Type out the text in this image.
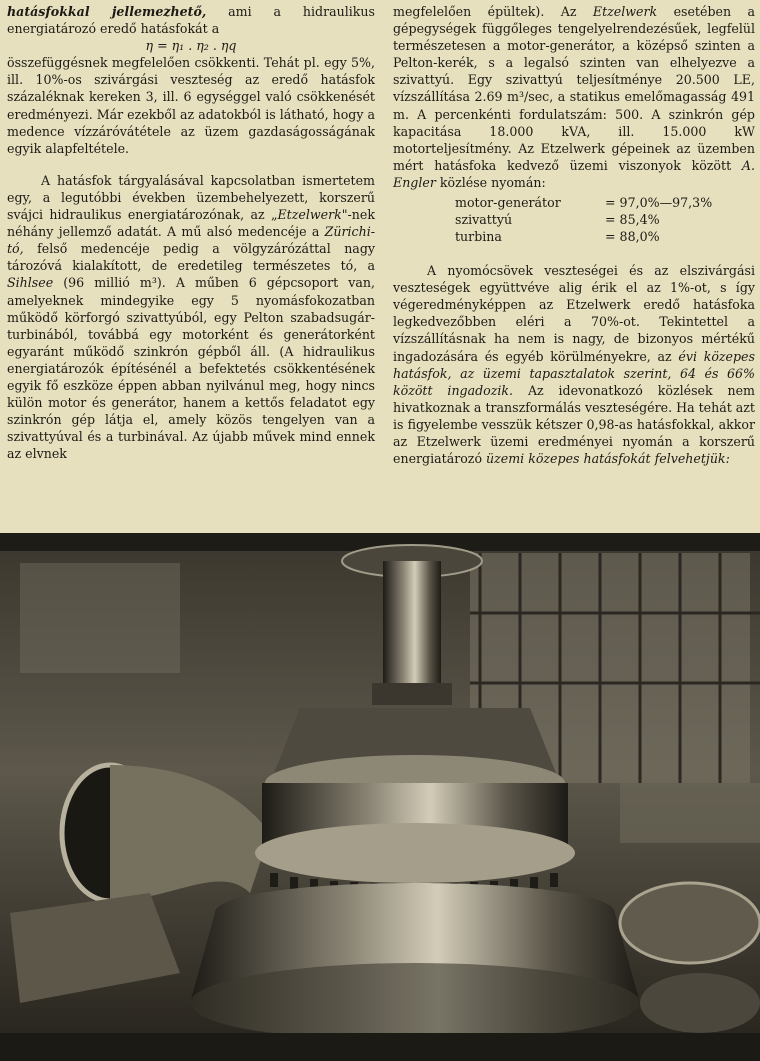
hatásfokkal jellemezhető, ami a hidraulikus energiatározó eredő hatásfokát a

η = η₁ . η₂ . ηq

összefüggésnek megfelelően csökkenti. Tehát pl. egy 5%, ill. 10%-os szivárgási veszteség az eredő hatásfok százaléknak kereken 3, ill. 6 egységgel való csökkenését eredményezi. Már ezekből az adatokból is látható, hogy a medence vízzáróvátétele az üzem gazdaságosságának egyik alapfeltétele.

A hatásfok tárgyalásával kapcsolatban ismertetem egy, a legutóbbi években üzembehelyezett, korszerű svájci hidraulikus energiatározónak, az „Etzelwerk"-nek néhány jellemző adatát. A mű alsó medencéje a Zürichi-tó, felső medencéje pedig a völgyzárózáttal nagy tározóvá kialakított, de eredetileg természetes tó, a Sihlsee (96 millió m³). A műben 6 gépcsoport van, amelyeknek mindegyike egy 5 nyomásfokozatban működő körforgó szivattyúból, egy Pelton szabadsugár-turbinából, továbbá egy motorként és generátorként egyaránt működő szinkrón gépből áll. (A hidraulikus energiatározók építésénél a befektetés csökkentésének egyik fő eszköze éppen abban nyilvánul meg, hogy nincs külön motor és generátor, hanem a kettős feladatot egy szinkrón gép látja el, amely közös tengelyen van a szivattyúval és a turbinával. Az újabb művek mind ennek az elvnek

megfelelően épültek). Az Etzelwerk esetében a gépegységek függőleges tengelyelrendezésűek, legfelül természetesen a motor-generátor, a középső szinten a Pelton-kerék, s a legalsó szinten van elhelyezve a szivattyú. Egy szivattyú teljesítménye 20.500 LE, vízszállítása 2.69 m³/sec, a statikus emelőmagasság 491 m. A percenkénti fordulatszám: 500. A szinkrón gép kapacitása 18.000 kVA, ill. 15.000 kW motorteljesítmény. Az Etzelwerk gépeinek az üzemben mért hatásfoka kedvező üzemi viszonyok között A. Engler közlése nyomán:

motor-generátor	= 97,0%—97,3%
szivattyú	= 85,4%
turbina	= 88,0%

A nyomócsövek veszteségei és az elszivárgási veszteségek együttvéve alig érik el az 1%-ot, s így végeredményképpen az Etzelwerk eredő hatásfoka legkedvezőbben eléri a 70%-ot. Tekintettel a vízszállításnak ha nem is nagy, de bizonyos mértékű ingadozására és egyéb körülményekre, az évi közepes hatásfok, az üzemi tapasztalatok szerint, 64 és 66% között ingadozik. Az idevonatkozó közlések nem hivatkoznak a transzformálás veszteségére. Ha tehát azt is figyelembe vesszük kétszer 0,98-as hatásfokkal, akkor az Etzelwerk üzemi eredményei nyomán a korszerű energiatározó üzemi közepes hatásfokát felvehetjük:
